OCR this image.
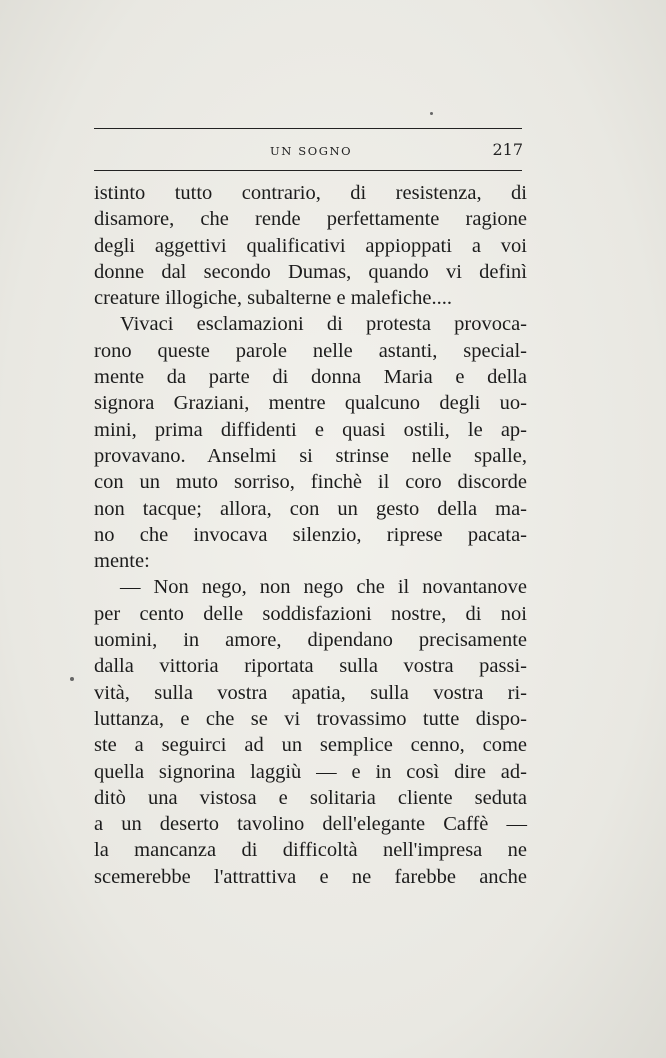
UN SOGNO	217
istinto tutto contrario, di resistenza, di
disamore, che rende perfettamente ragione
degli aggettivi qualificativi appioppati a voi
donne dal secondo Dumas, quando vi definì
creature illogiche, subalterne e malefiche....
Vivaci esclamazioni di protesta provoca-
rono queste parole nelle astanti, special-
mente da parte di donna Maria e della
signora Graziani, mentre qualcuno degli uo-
mini, prima diffidenti e quasi ostili, le ap-
provavano. Anselmi si strinse nelle spalle,
con un muto sorriso, finchè il coro discorde
non tacque; allora, con un gesto della ma-
no che invocava silenzio, riprese pacata-
mente:
— Non nego, non nego che il novantanove
per cento delle soddisfazioni nostre, di noi
uomini, in amore, dipendano precisamente
dalla vittoria riportata sulla vostra passi-
vità, sulla vostra apatia, sulla vostra ri-
luttanza, e che se vi trovassimo tutte dispo-
ste a seguirci ad un semplice cenno, come
quella signorina laggiù — e in così dire ad-
ditò una vistosa e solitaria cliente seduta
a un deserto tavolino dell'elegante Caffè —
la mancanza di difficoltà nell'impresa ne
scemerebbe l'attrattiva e ne farebbe anche
